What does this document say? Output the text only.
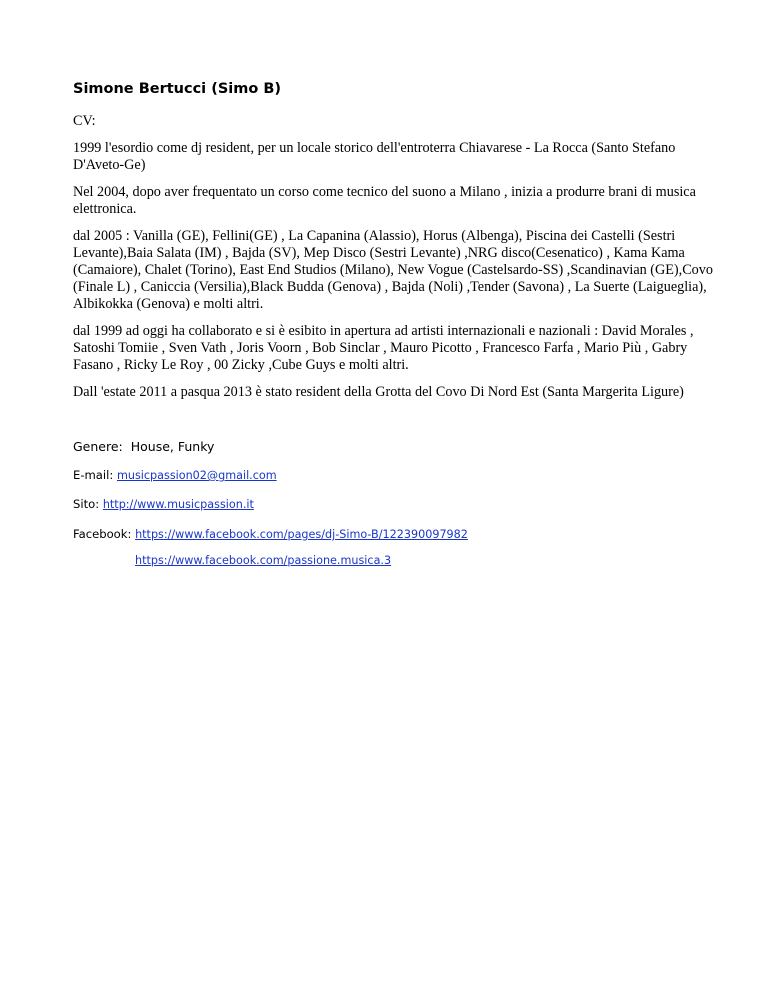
Simone Bertucci (Simo B)

CV:

1999 l'esordio come dj resident, per un locale storico dell'entroterra Chiavarese - La Rocca (Santo Stefano D'Aveto-Ge)

Nel 2004, dopo aver frequentato un corso come tecnico del suono a Milano , inizia a produrre brani di musica elettronica.

dal 2005 : Vanilla (GE), Fellini(GE) , La Capanina (Alassio), Horus (Albenga), Piscina dei Castelli (Sestri Levante),Baia Salata (IM) , Bajda (SV), Mep Disco (Sestri Levante) ,NRG disco(Cesenatico) , Kama Kama (Camaiore), Chalet (Torino), East End Studios (Milano), New Vogue (Castelsardo-SS) ,Scandinavian (GE),Covo (Finale L) , Caniccia (Versilia),Black Budda (Genova) , Bajda (Noli) ,Tender (Savona) , La Suerte (Laigueglia), Albikokka (Genova) e molti altri.

dal 1999 ad oggi ha collaborato e si è esibito in apertura ad artisti internazionali e nazionali : David Morales , Satoshi Tomiie , Sven Vath , Joris Voorn , Bob Sinclar , Mauro Picotto , Francesco Farfa , Mario Più , Gabry Fasano , Ricky Le Roy , 00 Zicky ,Cube Guys e molti altri.

Dall 'estate 2011 a pasqua 2013 è stato resident della Grotta del Covo Di Nord Est (Santa Margerita Ligure)

Genere: House, Funky

E-mail: musicpassion02@gmail.com

Sito: http://www.musicpassion.it

Facebook: https://www.facebook.com/pages/dj-Simo-B/122390097982

https://www.facebook.com/passione.musica.3
